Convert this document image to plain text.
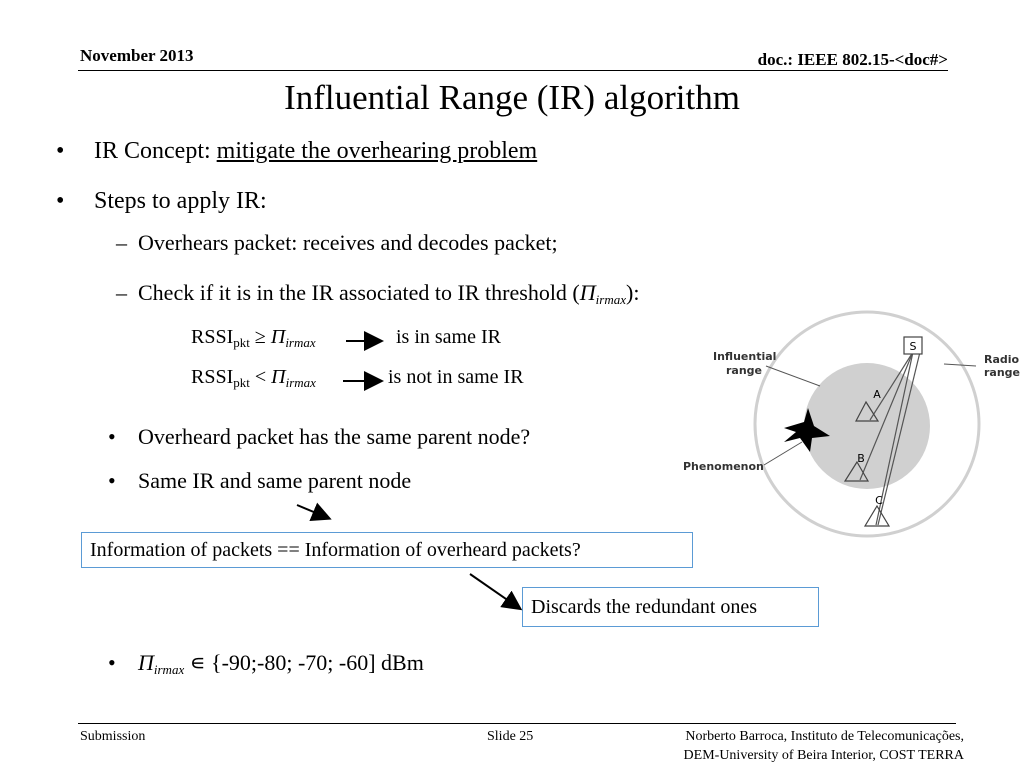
November 2013	doc.: IEEE 802.15-<doc#>
Influential Range (IR) algorithm
• IR Concept: mitigate the overhearing problem
• Steps to apply IR:
– Overhears packet: receives and decodes packet;
– Check if it is in the IR associated to IR threshold $(\Pi_{irmax})$:
$RSSI_{pkt} \ge \Pi_{irmax}$	is in same IR
$RSSI_{pkt} < \Pi_{irmax}$	is not in same IR
• Overheard packet has the same parent node?
• Same IR and same parent node
Information of packets == Information of overheard packets?
Discards the redundant ones
• $\Pi_{irmax}$ ∊ {-90;-80; -70; -60] dBm
S
A
B
C
Influential
range
Radio
range
Phenomenon
Submission	Slide 25	Norberto Barroca, Instituto de Telecomunicações,
DEM-University of Beira Interior, COST TERRA
